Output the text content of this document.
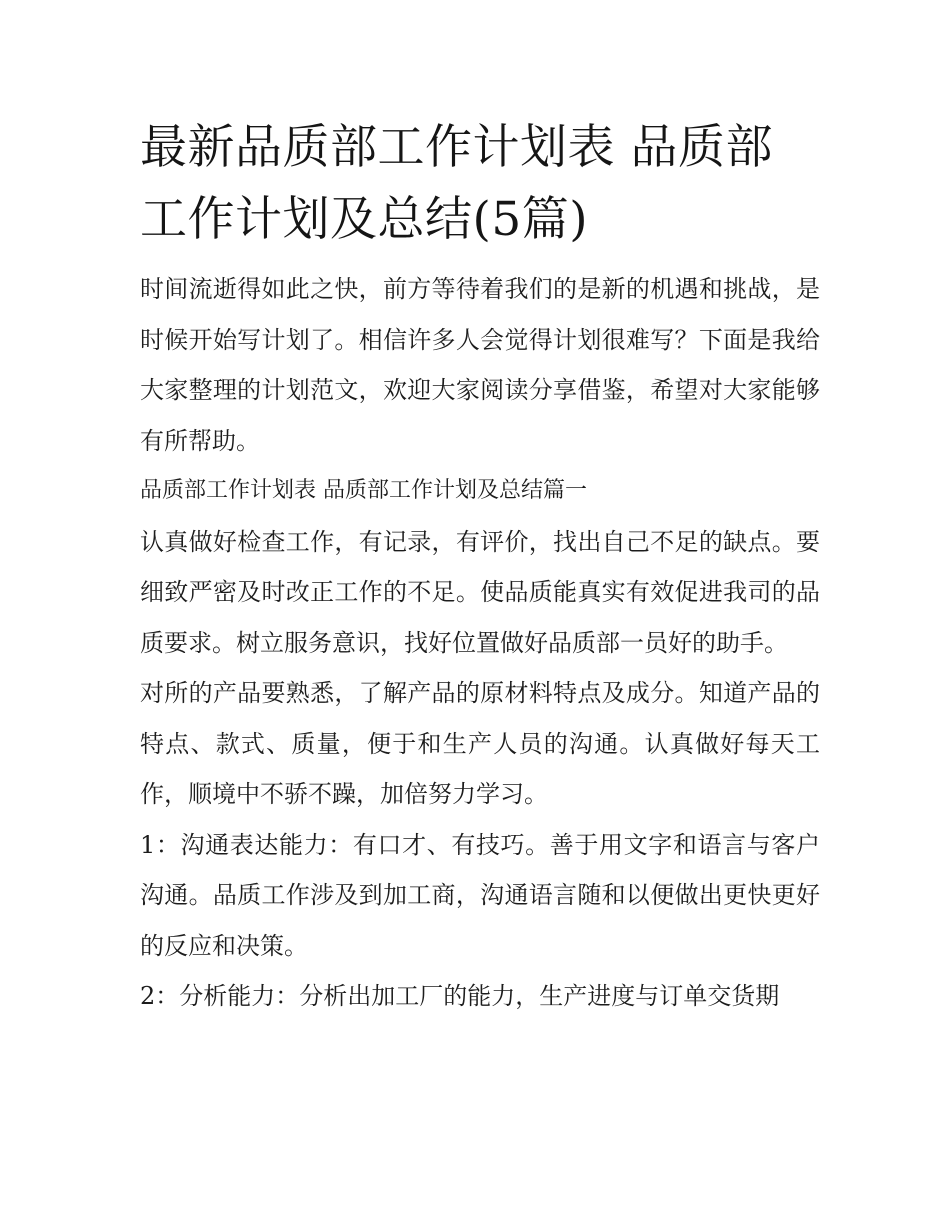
最新品质部工作计划表 品质部工作计划及总结(5篇)

时间流逝得如此之快，前方等待着我们的是新的机遇和挑战，是时候开始写计划了。相信许多人会觉得计划很难写？下面是我给大家整理的计划范文，欢迎大家阅读分享借鉴，希望对大家能够有所帮助。

品质部工作计划表 品质部工作计划及总结篇一

认真做好检查工作，有记录，有评价，找出自己不足的缺点。要细致严密及时改正工作的不足。使品质能真实有效促进我司的品质要求。树立服务意识，找好位置做好品质部一员好的助手。

对所的产品要熟悉，了解产品的原材料特点及成分。知道产品的特点、款式、质量，便于和生产人员的沟通。认真做好每天工作，顺境中不骄不躁，加倍努力学习。

1：沟通表达能力：有口才、有技巧。善于用文字和语言与客户沟通。品质工作涉及到加工商，沟通语言随和以便做出更快更好的反应和决策。

2：分析能力：分析出加工厂的能力，生产进度与订单交货期
